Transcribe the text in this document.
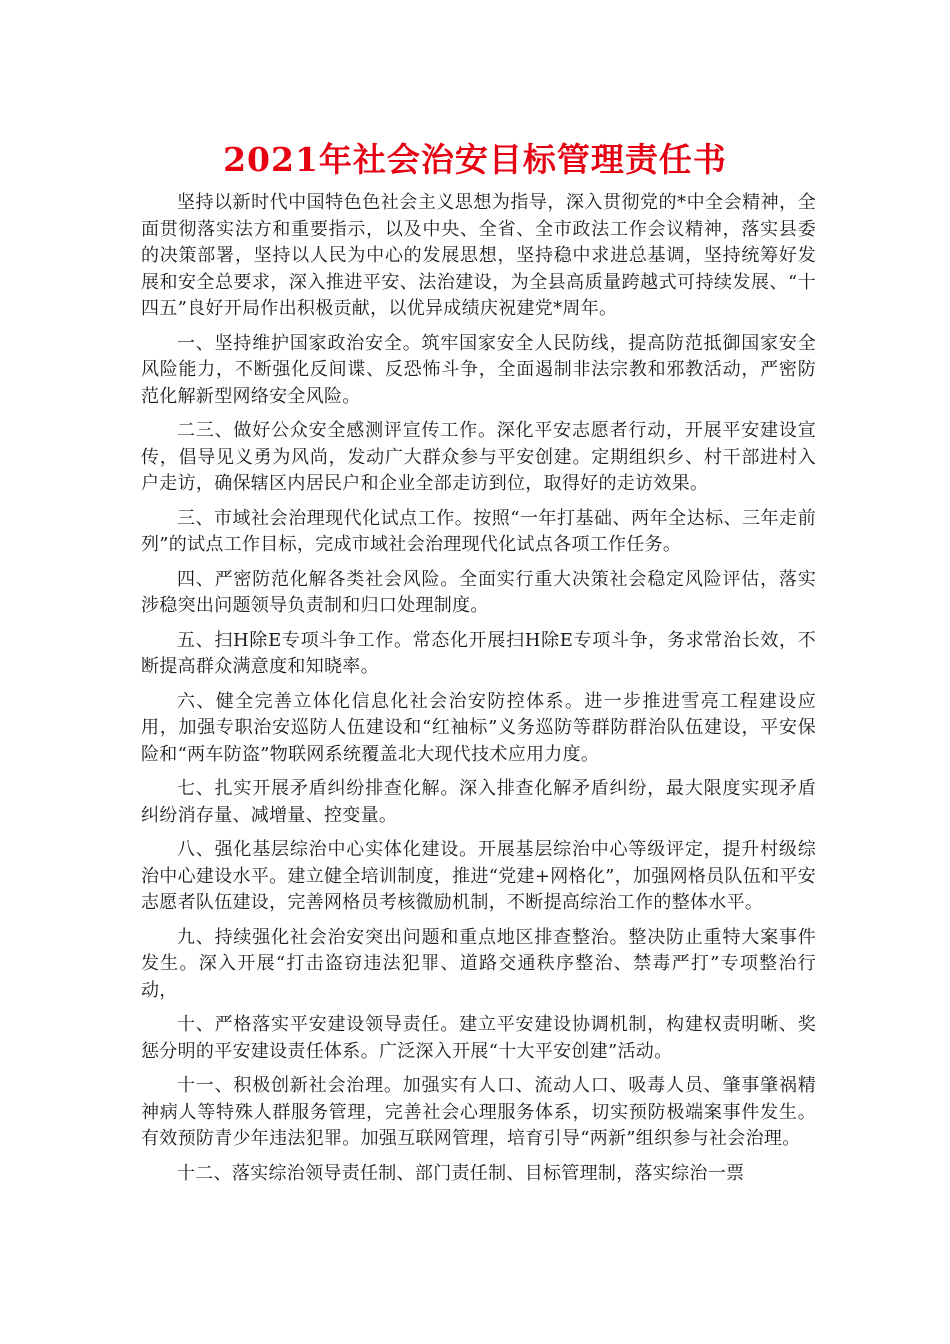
2021年社会治安目标管理责任书

坚持以新时代中国特色色社会主义思想为指导，深入贯彻党的*中全会精神，全面贯彻落实法方和重要指示，以及中央、全省、全市政法工作会议精神，落实县委的决策部署，坚持以人民为中心的发展思想，坚持稳中求进总基调，坚持统筹好发展和安全总要求，深入推进平安、法治建设，为全县高质量跨越式可持续发展、“十四五”良好开局作出积极贡献，以优异成绩庆祝建党*周年。

一、坚持维护国家政治安全。筑牢国家安全人民防线，提高防范抵御国家安全风险能力，不断强化反间谍、反恐怖斗争，全面遏制非法宗教和邪教活动，严密防范化解新型网络安全风险。

二三、做好公众安全感测评宣传工作。深化平安志愿者行动，开展平安建设宣传，倡导见义勇为风尚，发动广大群众参与平安创建。定期组织乡、村干部进村入户走访，确保辖区内居民户和企业全部走访到位，取得好的走访效果。

三、市域社会治理现代化试点工作。按照“一年打基础、两年全达标、三年走前列”的试点工作目标，完成市域社会治理现代化试点各项工作任务。

四、严密防范化解各类社会风险。全面实行重大决策社会稳定风险评估，落实涉稳突出问题领导负责制和归口处理制度。

五、扫H除E专项斗争工作。常态化开展扫H除E专项斗争，务求常治长效，不断提高群众满意度和知晓率。

六、健全完善立体化信息化社会治安防控体系。进一步推进雪亮工程建设应用，加强专职治安巡防人伍建设和“红袖标”义务巡防等群防群治队伍建设，平安保险和“两车防盗”物联网系统覆盖北大现代技术应用力度。

七、扎实开展矛盾纠纷排查化解。深入排查化解矛盾纠纷，最大限度实现矛盾纠纷消存量、减增量、控变量。

八、强化基层综治中心实体化建设。开展基层综治中心等级评定，提升村级综治中心建设水平。建立健全培训制度，推进“党建+网格化”，加强网格员队伍和平安志愿者队伍建设，完善网格员考核微励机制，不断提高综治工作的整体水平。

九、持续强化社会治安突出问题和重点地区排查整治。整决防止重特大案事件发生。深入开展“打击盗窃违法犯罪、道路交通秩序整治、禁毒严打”专项整治行动，

十、严格落实平安建设领导责任。建立平安建设协调机制，构建权责明晰、奖惩分明的平安建设责任体系。广泛深入开展“十大平安创建”活动。

十一、积极创新社会治理。加强实有人口、流动人口、吸毒人员、肇事肇祸精神病人等特殊人群服务管理，完善社会心理服务体系，切实预防极端案事件发生。有效预防青少年违法犯罪。加强互联网管理，培育引导“两新”组织参与社会治理。

十二、落实综治领导责任制、部门责任制、目标管理制，落实综治一票
